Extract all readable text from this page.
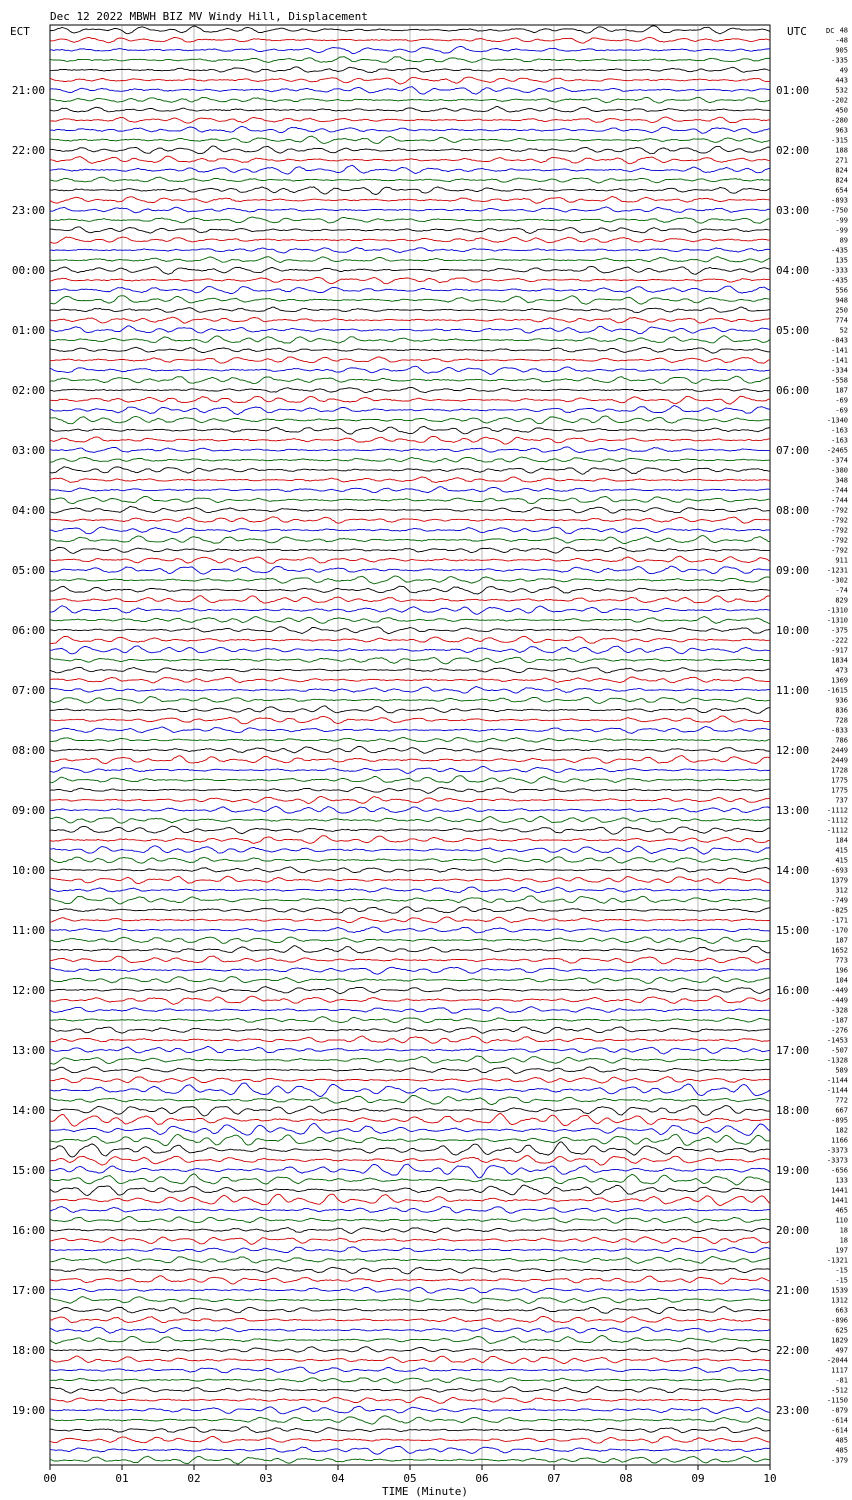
Dec 12 2022 MBWH BIZ MV Windy Hill, Displacement
ECT	UTC
TIME (Minute)
21:00
22:00
23:00
00:00
01:00
02:00
03:00
04:00
05:00
06:00
07:00
08:00
09:00
10:00
11:00
12:00
13:00
14:00
15:00
16:00
17:00
18:00
19:00
01:00
02:00
03:00
04:00
05:00
06:00
07:00
08:00
09:00
10:00
11:00
12:00
13:00
14:00
15:00
16:00
17:00
18:00
19:00
20:00
21:00
22:00
23:00
DC 48
-48
905
-335
49
443
532
-202
450
-280
963
-315
188
271
824
824
654
-893
-750
-99
-99
89
-435
135
-333
-435
556
948
250
774
52
-843
-141
-141
-334
-558
187
-69
-69
-1340
-163
-163
-2465
-374
-380
348
-744
-744
-792
-792
-792
-792
-792
911
-1231
-302
-74
829
-1310
-1310
-375
-222
-917
1834
473
1369
-1615
936
836
728
-833
786
2449
2449
1728
1775
1775
737
-1112
-1112
-1112
184
415
415
-693
1379
312
-749
-825
-171
-170
187
1652
773
196
104
-449
-449
-328
-187
-276
-1453
-507
-1328
589
-1144
-1144
772
667
-895
182
1166
-3373
-3373
-656
133
1441
1441
465
110
18
18
197
-1321
-15
-15
1539
1312
663
-896
625
1829
497
-2044
1117
-81
-512
-1150
-879
-614
-614
485
485
-379
00	01	02	03	04	05	06	07	08	09	10
